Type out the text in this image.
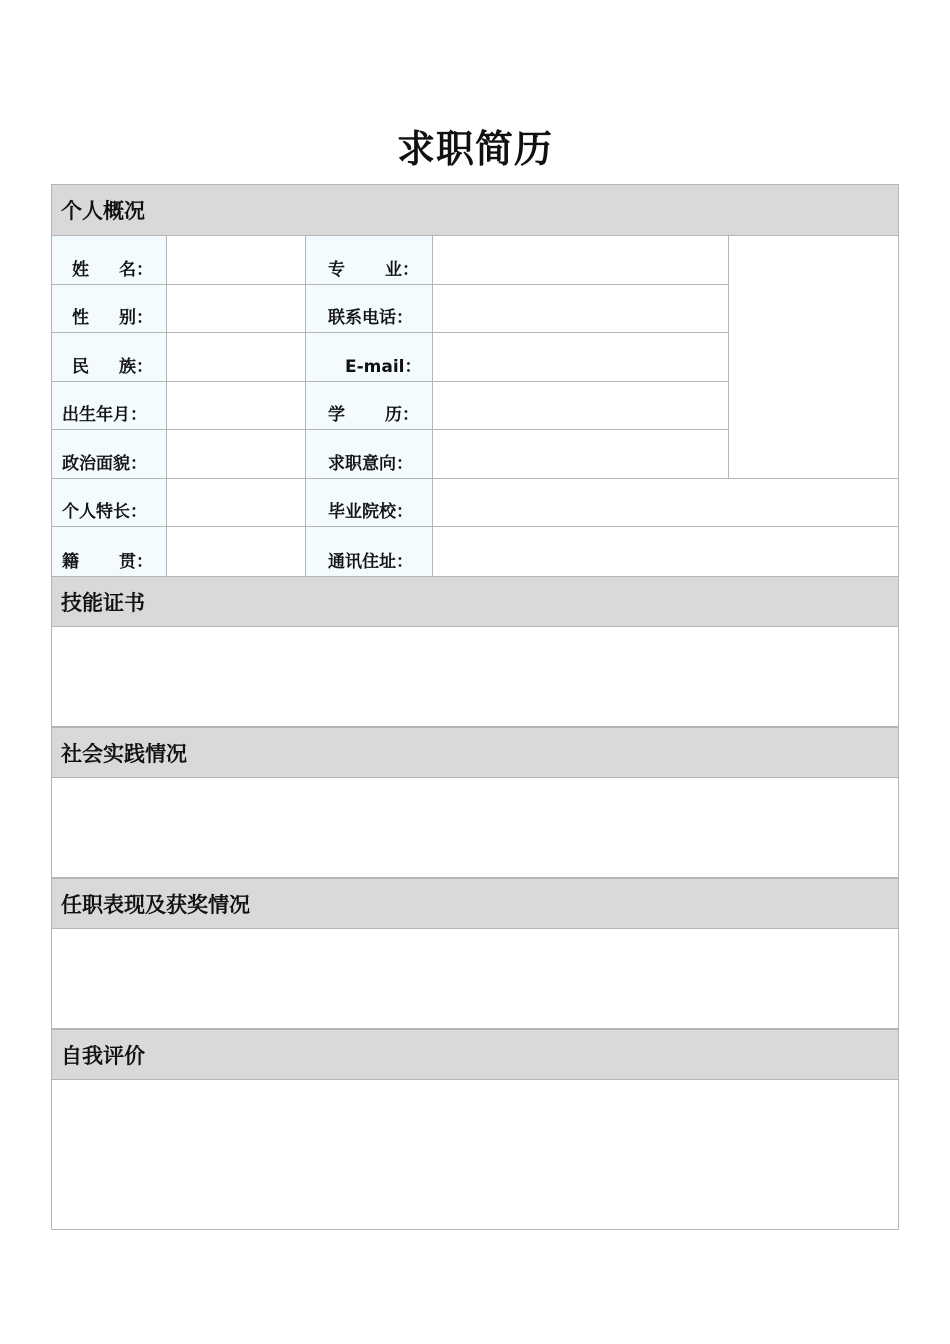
求职简历
个人概况
姓 名：	专 业：
性 别：	联系电话：
民 族：	E-mail：
出生年月：	学 历：
政治面貌：	求职意向：
个人特长：	毕业院校：
籍 贯：	通讯住址：
技能证书
社会实践情况
任职表现及获奖情况
自我评价
